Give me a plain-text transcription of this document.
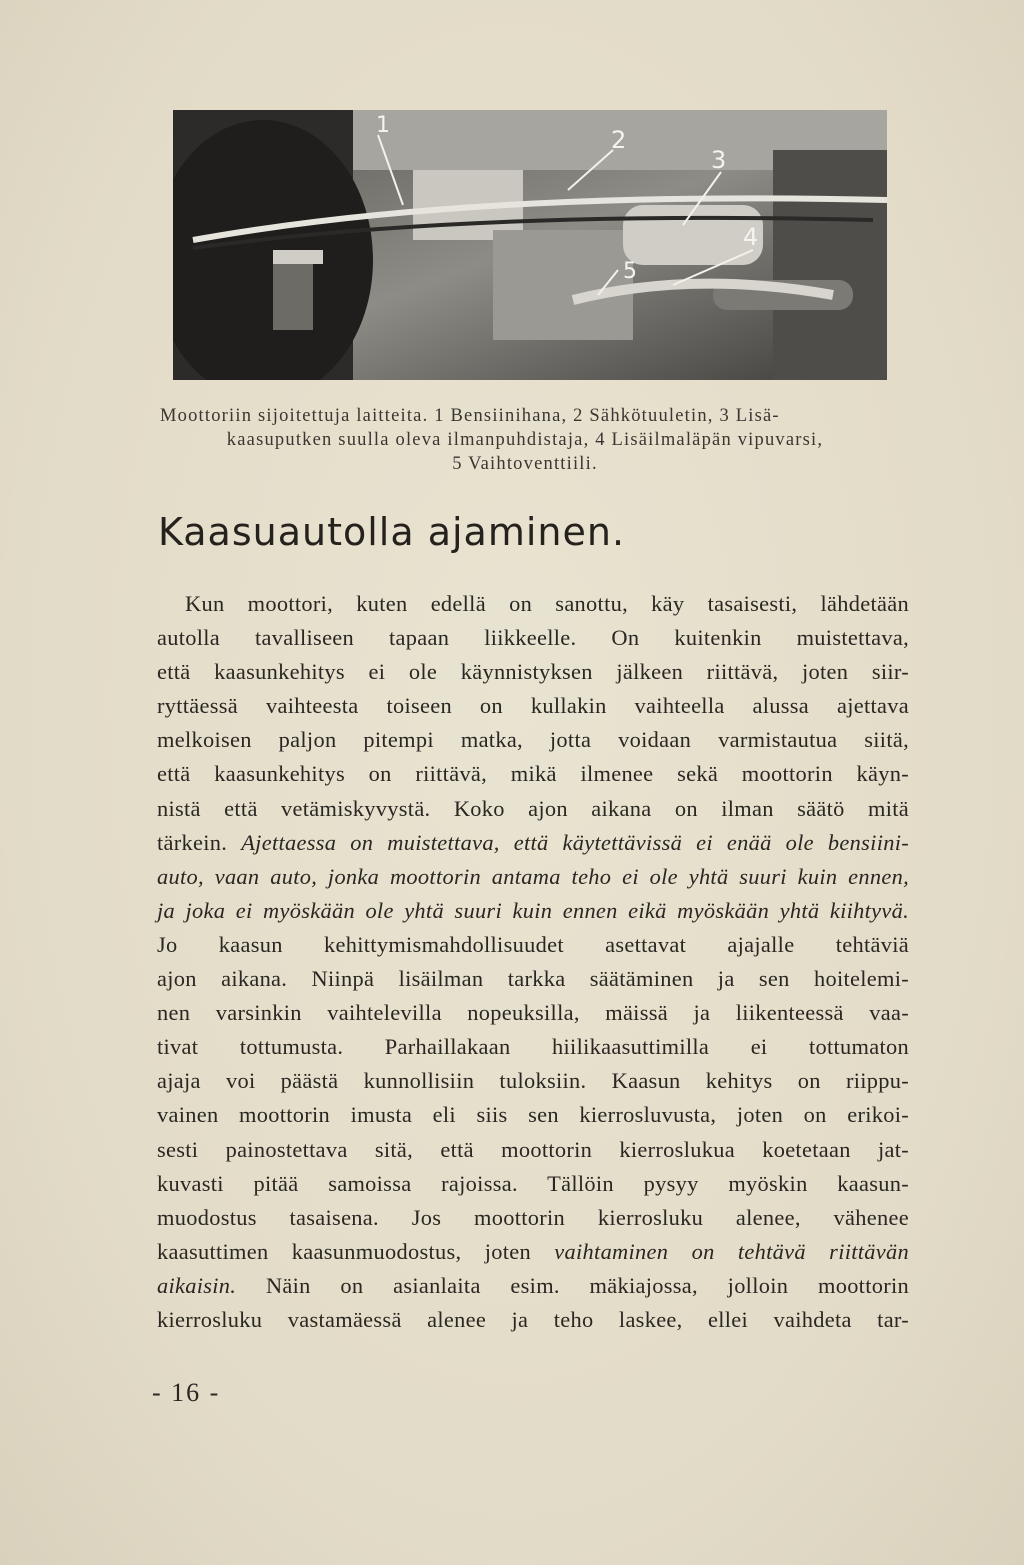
1
2
3
4
5
Moottoriin sijoitettuja laitteita. 1 Bensiinihana, 2 Sähkötuuletin, 3 Lisä-
kaasuputken suulla oleva ilmanpuhdistaja, 4 Lisäilmaläpän vipuvarsi,
5 Vaihtoventtiili.
Kaasuautolla ajaminen.
Kun moottori, kuten edellä on sanottu, käy tasaisesti, lähdetään
autolla tavalliseen tapaan liikkeelle. On kuitenkin muistettava,
että kaasunkehitys ei ole käynnistyksen jälkeen riittävä, joten siir-
ryttäessä vaihteesta toiseen on kullakin vaihteella alussa ajettava
melkoisen paljon pitempi matka, jotta voidaan varmistautua siitä,
että kaasunkehitys on riittävä, mikä ilmenee sekä moottorin käyn-
nistä että vetämiskyvystä. Koko ajon aikana on ilman säätö mitä
tärkein. Ajettaessa on muistettava, että käytettävissä ei enää ole bensiini-
auto, vaan auto, jonka moottorin antama teho ei ole yhtä suuri kuin ennen,
ja joka ei myöskään ole yhtä suuri kuin ennen eikä myöskään yhtä kiihtyvä.
Jo kaasun kehittymismahdollisuudet asettavat ajajalle tehtäviä
ajon aikana. Niinpä lisäilman tarkka säätäminen ja sen hoitelemi-
nen varsinkin vaihtelevilla nopeuksilla, mäissä ja liikenteessä vaa-
tivat tottumusta. Parhaillakaan hiilikaasuttimilla ei tottumaton
ajaja voi päästä kunnollisiin tuloksiin. Kaasun kehitys on riippu-
vainen moottorin imusta eli siis sen kierrosluvusta, joten on erikoi-
sesti painostettava sitä, että moottorin kierroslukua koetetaan jat-
kuvasti pitää samoissa rajoissa. Tällöin pysyy myöskin kaasun-
muodostus tasaisena. Jos moottorin kierrosluku alenee, vähenee
kaasuttimen kaasunmuodostus, joten vaihtaminen on tehtävä riittävän
aikaisin. Näin on asianlaita esim. mäkiajossa, jolloin moottorin
kierrosluku vastamäessä alenee ja teho laskee, ellei vaihdeta tar-
- 16 -
